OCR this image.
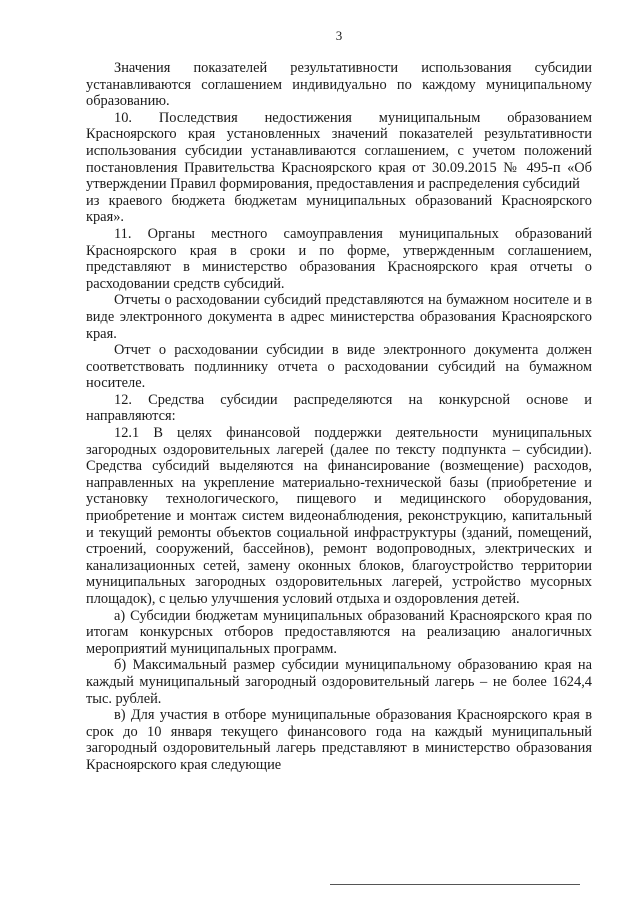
3

Значения показателей результативности использования субсидии устанавливаются соглашением индивидуально по каждому муниципальному образованию.

10. Последствия недостижения муниципальным образованием Красноярского края установленных значений показателей результативности использования субсидии устанавливаются соглашением, с учетом положений постановления Правительства Красноярского края от 30.09.2015 № 495-п «Об утверждении Правил формирования, предоставления и распределения субсидий

из краевого бюджета бюджетам муниципальных образований Красноярского края».

11. Органы местного самоуправления муниципальных образований Красноярского края в сроки и по форме, утвержденным соглашением, представляют в министерство образования Красноярского края отчеты о расходовании средств субсидий.

Отчеты о расходовании субсидий представляются на бумажном носителе и в виде электронного документа в адрес министерства образования Красноярского края.

Отчет о расходовании субсидии в виде электронного документа должен соответствовать подлиннику отчета о расходовании субсидий на бумажном носителе.

12. Средства субсидии распределяются на конкурсной основе и направляются:

12.1 В целях финансовой поддержки деятельности муниципальных загородных оздоровительных лагерей (далее по тексту подпункта – субсидии). Средства субсидий выделяются на финансирование (возмещение) расходов, направленных на укрепление материально-технической базы (приобретение и установку технологического, пищевого и медицинского оборудования, приобретение и монтаж систем видеонаблюдения, реконструкцию, капитальный и текущий ремонты объектов социальной инфраструктуры (зданий, помещений, строений, сооружений, бассейнов), ремонт водопроводных, электрических и канализационных сетей, замену оконных блоков, благоустройство территории муниципальных загородных оздоровительных лагерей, устройство мусорных площадок), с целью улучшения условий отдыха и оздоровления детей.

а) Субсидии бюджетам муниципальных образований Красноярского края по итогам конкурсных отборов предоставляются на реализацию аналогичных мероприятий муниципальных программ.

б) Максимальный размер субсидии муниципальному образованию края на каждый муниципальный загородный оздоровительный лагерь – не более 1624,4 тыс. рублей.

в) Для участия в отборе муниципальные образования Красноярского края в срок до 10 января текущего финансового года на каждый муниципальный загородный оздоровительный лагерь представляют в министерство образования Красноярского края следующие
